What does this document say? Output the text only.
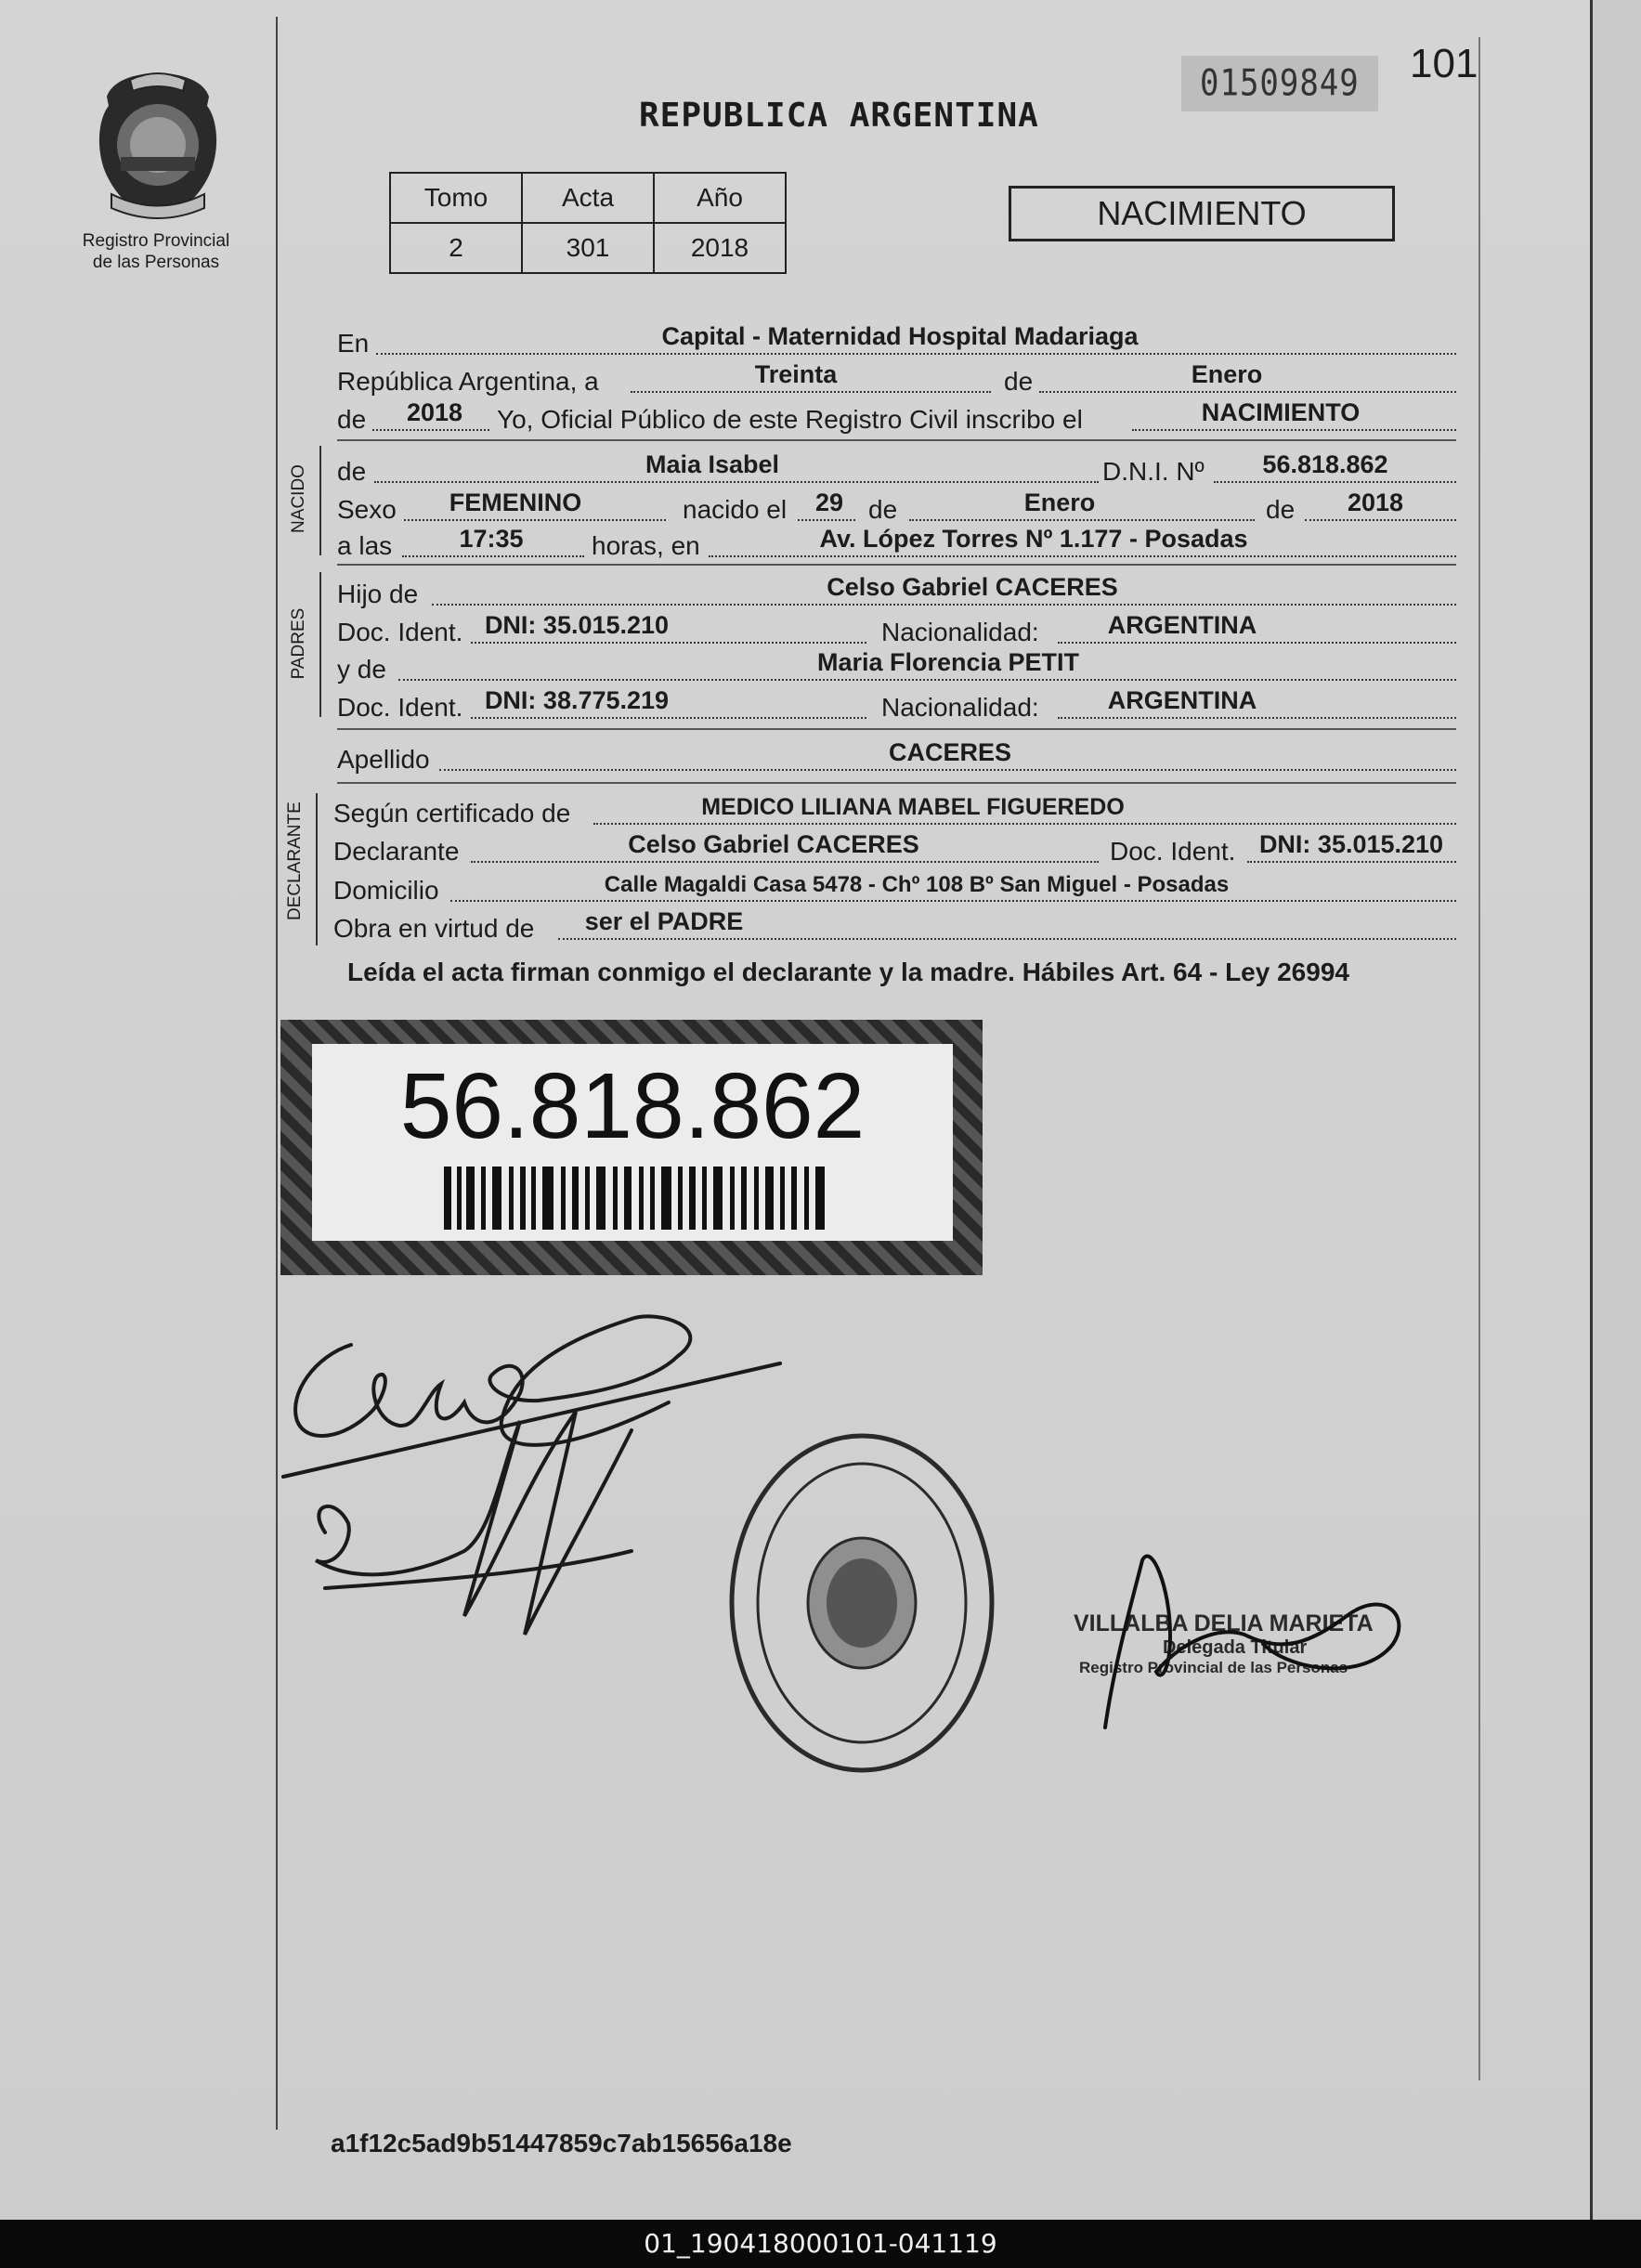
Registro Provincial
de las Personas
REPUBLICA ARGENTINA
01509849	101
Tomo	Acta	Año
2	301	2018
NACIMIENTO
En	Capital - Maternidad Hospital Madariaga
República Argentina, a	Treinta	de	Enero
de 2018 Yo, Oficial Público de este Registro Civil inscribo el	NACIMIENTO
NACIDO de	Maia Isabel	D.N.I. Nº 56.818.862
Sexo FEMENINO	nacido el 29 de	Enero	de 2018
a las	17:35	horas, en	Av. López Torres Nº 1.177 - Posadas
PADRES
Hijo de	Celso Gabriel CACERES
Doc. Ident. DNI: 35.015.210	Nacionalidad:	ARGENTINA
y de	Maria Florencia PETIT
Doc. Ident. DNI: 38.775.219	Nacionalidad:	ARGENTINA
Apellido	CACERES
DECLARANTE Según certificado de	MEDICO LILIANA MABEL FIGUEREDO
Declarante	Celso Gabriel CACERES	Doc. Ident. DNI: 35.015.210
Domicilio	Calle Magaldi Casa 5478 - Chº 108 Bº San Miguel - Posadas
Obra en virtud de ser el PADRE
Leída el acta firman conmigo el declarante y la madre. Hábiles Art. 64 - Ley 26994
56.818.862
VILLALBA DELIA MARIETA
Delegada Titular
Registro Provincial de las Personas
a1f12c5ad9b51447859c7ab15656a18e
01_190418000101-041119
